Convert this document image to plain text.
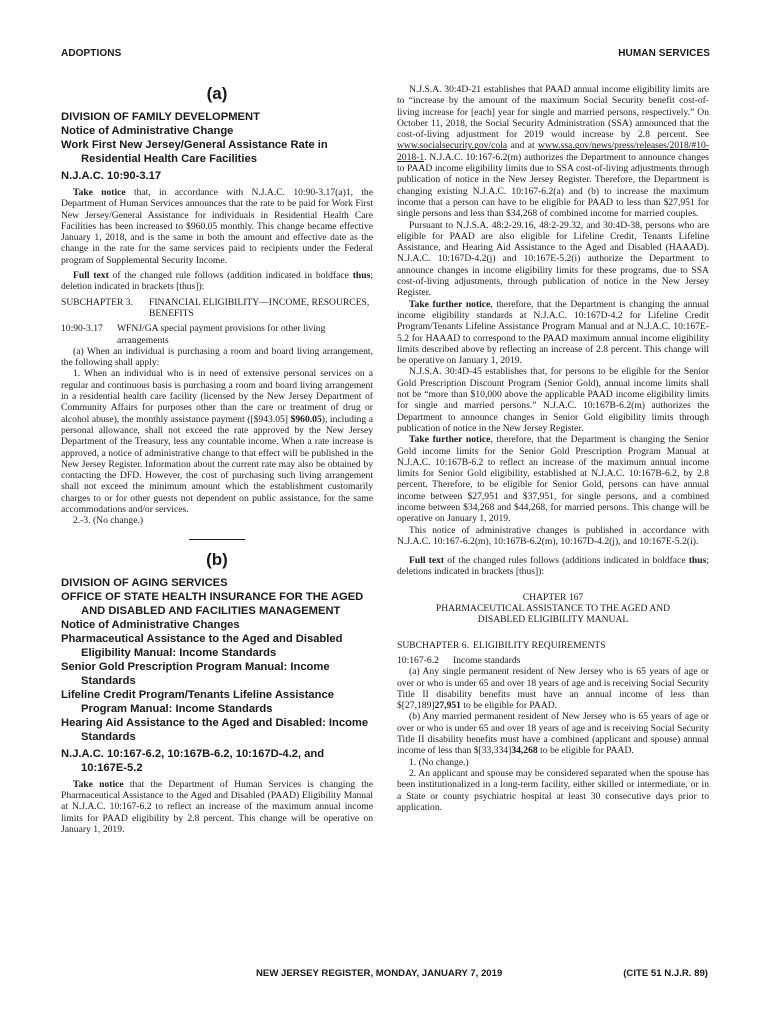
ADOPTIONS	HUMAN SERVICES
(a)
DIVISION OF FAMILY DEVELOPMENT
Notice of Administrative Change
Work First New Jersey/General Assistance Rate in Residential Health Care Facilities
N.J.A.C. 10:90-3.17

Take notice that, in accordance with N.J.A.C. 10:90-3.17(a)1, the Department of Human Services announces that the rate to be paid for Work First New Jersey/General Assistance for individuals in Residential Health Care Facilities has been increased to $960.05 monthly. This change became effective January 1, 2018, and is the same in both the amount and effective date as the change in the rate for the same services paid to recipients under the Federal program of Supplemental Security Income.

Full text of the changed rule follows (addition indicated in boldface thus; deletion indicated in brackets [thus]):

SUBCHAPTER 3.	FINANCIAL ELIGIBILITY—INCOME, RESOURCES, BENEFITS
10:90-3.17	WFNJ/GA special payment provisions for other living arrangements

(a) When an individual is purchasing a room and board living arrangement, the following shall apply:

1. When an individual who is in need of extensive personal services on a regular and continuous basis is purchasing a room and board living arrangement in a residential health care facility (licensed by the New Jersey Department of Community Affairs for purposes other than the care or treatment of drug or alcohol abuse), the monthly assistance payment ([$943.05] $960.05), including a personal allowance, shall not exceed the rate approved by the New Jersey Department of the Treasury, less any countable income. When a rate increase is approved, a notice of administrative change to that effect will be published in the New Jersey Register. Information about the current rate may also be obtained by contacting the DFD. However, the cost of purchasing such living arrangement shall not exceed the minimum amount which the establishment customarily charges to or for other guests not dependent on public assistance, for the same accommodations and/or services.

2.-3. (No change.)

(b)
DIVISION OF AGING SERVICES
OFFICE OF STATE HEALTH INSURANCE FOR THE AGED AND DISABLED AND FACILITIES MANAGEMENT
Notice of Administrative Changes
Pharmaceutical Assistance to the Aged and Disabled Eligibility Manual: Income Standards
Senior Gold Prescription Program Manual: Income Standards
Lifeline Credit Program/Tenants Lifeline Assistance Program Manual: Income Standards
Hearing Aid Assistance to the Aged and Disabled: Income Standards
N.J.A.C. 10:167-6.2, 10:167B-6.2, 10:167D-4.2, and 10:167E-5.2

Take notice that the Department of Human Services is changing the Pharmaceutical Assistance to the Aged and Disabled (PAAD) Eligibility Manual at N.J.A.C. 10:167-6.2 to reflect an increase of the maximum annual income limits for PAAD eligibility by 2.8 percent. This change will be operative on January 1, 2019.

N.J.S.A. 30:4D-21 establishes that PAAD annual income eligibility limits are to “increase by the amount of the maximum Social Security benefit cost-of-living increase for [each] year for single and married persons, respectively.” On October 11, 2018, the Social Security Administration (SSA) announced that the cost-of-living adjustment for 2019 would increase by 2.8 percent. See www.socialsecurity.gov/cola and at www.ssa.gov/news/press/releases/2018/#10-2018-1. N.J.A.C. 10:167-6.2(m) authorizes the Department to announce changes to PAAD income eligibility limits due to SSA cost-of-living adjustments through publication of notice in the New Jersey Register. Therefore, the Department is changing existing N.J.A.C. 10:167-6.2(a) and (b) to increase the maximum income that a person can have to be eligible for PAAD to less than $27,951 for single persons and less than $34,268 of combined income for married couples.

Pursuant to N.J.S.A. 48:2-29.16, 48:2-29.32, and 30:4D-38, persons who are eligible for PAAD are also eligible for Lifeline Credit, Tenants Lifeline Assistance, and Hearing Aid Assistance to the Aged and Disabled (HAAAD). N.J.A.C. 10:167D-4.2(j) and 10:167E-5.2(i) authorize the Department to announce changes in income eligibility limits for these programs, due to SSA cost-of-living adjustments, through publication of notice in the New Jersey Register.

Take further notice, therefore, that the Department is changing the annual income eligibility standards at N.J.A.C. 10:167D-4.2 for Lifeline Credit Program/Tenants Lifeline Assistance Program Manual and at N.J.A.C. 10:167E-5.2 for HAAAD to correspond to the PAAD maximum annual income eligibility limits described above by reflecting an increase of 2.8 percent. This change will be operative on January 1, 2019.

N.J.S.A. 30:4D-45 establishes that, for persons to be eligible for the Senior Gold Prescription Discount Program (Senior Gold), annual income limits shall not be “more than $10,000 above the applicable PAAD income eligibility limits for single and married persons.” N.J.A.C. 10:167B-6.2(m) authorizes the Department to announce changes in Senior Gold eligibility limits through publication of notice in the New Jersey Register.

Take further notice, therefore, that the Department is changing the Senior Gold income limits for the Senior Gold Prescription Program Manual at N.J.A.C. 10:167B-6.2 to reflect an increase of the maximum annual income limits for Senior Gold eligibility, established at N.J.A.C. 10:167B-6.2, by 2.8 percent. Therefore, to be eligible for Senior Gold, persons can have annual income between $27,951 and $37,951, for single persons, and a combined income between $34,268 and $44,268, for married persons. This change will be operative on January 1, 2019.

This notice of administrative changes is published in accordance with N.J.A.C. 10:167-6.2(m), 10:167B-6.2(m), 10:167D-4.2(j), and 10:167E-5.2(i).

Full text of the changed rules follows (additions indicated in boldface thus; deletions indicated in brackets [thus]):

CHAPTER 167

PHARMACEUTICAL ASSISTANCE TO THE AGED AND DISABLED ELIGIBILITY MANUAL

SUBCHAPTER 6. ELIGIBILITY REQUIREMENTS
10:167-6.2	Income standards

(a) Any single permanent resident of New Jersey who is 65 years of age or over or who is under 65 and over 18 years of age and is receiving Social Security Title II disability benefits must have an annual income of less than $[27,189]27,951 to be eligible for PAAD.

(b) Any married permanent resident of New Jersey who is 65 years of age or over or who is under 65 and over 18 years of age and is receiving Social Security Title II disability benefits must have a combined (applicant and spouse) annual income of less than $[33,334]34,268 to be eligible for PAAD.

1. (No change.)

2. An applicant and spouse may be considered separated when the spouse has been institutionalized in a long-term facility, either skilled or intermediate, or in a State or county psychiatric hospital at least 30 consecutive days prior to application.

NEW JERSEY REGISTER, MONDAY, JANUARY 7, 2019	(CITE 51 N.J.R. 89)
